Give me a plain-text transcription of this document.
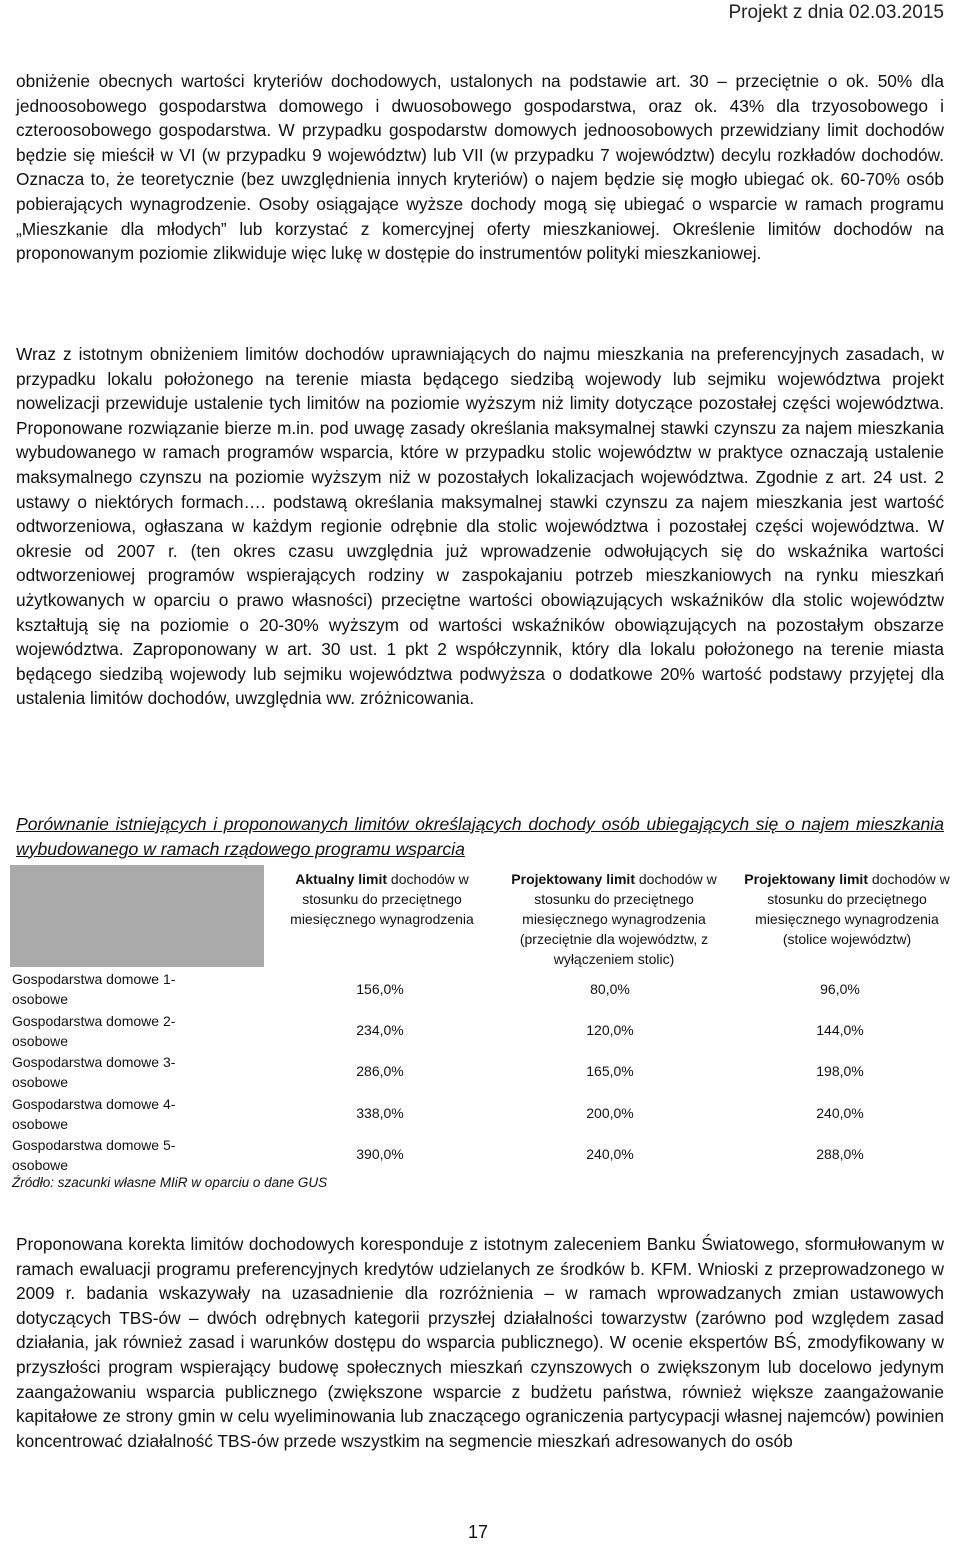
Projekt z dnia 02.03.2015

obniżenie obecnych wartości kryteriów dochodowych, ustalonych na podstawie art. 30 – przeciętnie o ok. 50% dla jednoosobowego gospodarstwa domowego i dwuosobowego gospodarstwa, oraz ok. 43% dla trzyosobowego i czteroosobowego gospodarstwa. W przypadku gospodarstw domowych jednoosobowych przewidziany limit dochodów będzie się mieścił w VI (w przypadku 9 województw) lub VII (w przypadku 7 województw) decylu rozkładów dochodów. Oznacza to, że teoretycznie (bez uwzględnienia innych kryteriów) o najem będzie się mogło ubiegać ok. 60-70% osób pobierających wynagrodzenie. Osoby osiągające wyższe dochody mogą się ubiegać o wsparcie w ramach programu „Mieszkanie dla młodych” lub korzystać z komercyjnej oferty mieszkaniowej. Określenie limitów dochodów na proponowanym poziomie zlikwiduje więc lukę w dostępie do instrumentów polityki mieszkaniowej.

Wraz z istotnym obniżeniem limitów dochodów uprawniających do najmu mieszkania na preferencyjnych zasadach, w przypadku lokalu położonego na terenie miasta będącego siedzibą wojewody lub sejmiku województwa projekt nowelizacji przewiduje ustalenie tych limitów na poziomie wyższym niż limity dotyczące pozostałej części województwa. Proponowane rozwiązanie bierze m.in. pod uwagę zasady określania maksymalnej stawki czynszu za najem mieszkania wybudowanego w ramach programów wsparcia, które w przypadku stolic województw w praktyce oznaczają ustalenie maksymalnego czynszu na poziomie wyższym niż w pozostałych lokalizacjach województwa. Zgodnie z art. 24 ust. 2 ustawy o niektórych formach…. podstawą określania maksymalnej stawki czynszu za najem mieszkania jest wartość odtworzeniowa, ogłaszana w każdym regionie odrębnie dla stolic województwa i pozostałej części województwa. W okresie od 2007 r. (ten okres czasu uwzględnia już wprowadzenie odwołujących się do wskaźnika wartości odtworzeniowej programów wspierających rodziny w zaspokajaniu potrzeb mieszkaniowych na rynku mieszkań użytkowanych w oparciu o prawo własności) przeciętne wartości obowiązujących wskaźników dla stolic województw kształtują się na poziomie o 20-30% wyższym od wartości wskaźników obowiązujących na pozostałym obszarze województwa. Zaproponowany w art. 30 ust. 1 pkt 2 współczynnik, który dla lokalu położonego na terenie miasta będącego siedzibą wojewody lub sejmiku województwa podwyższa o dodatkowe 20% wartość podstawy przyjętej dla ustalenia limitów dochodów, uwzględnia ww. zróżnicowania.

Porównanie istniejących i proponowanych limitów określających dochody osób ubiegających się o najem mieszkania wybudowanego w ramach rządowego programu wsparcia

Aktualny limit dochodów w stosunku do przeciętnego miesięcznego wynagrodzenia
Projektowany limit dochodów w stosunku do przeciętnego miesięcznego wynagrodzenia (przeciętnie dla województw, z wyłączeniem stolic)
Projektowany limit dochodów w stosunku do przeciętnego miesięcznego wynagrodzenia (stolice województw)
Gospodarstwa domowe 1-osobowe
156,0%	80,0%	96,0%
Gospodarstwa domowe 2-osobowe
234,0%	120,0%	144,0%
Gospodarstwa domowe 3-osobowe
286,0%	165,0%	198,0%
Gospodarstwa domowe 4-osobowe
338,0%	200,0%	240,0%
Gospodarstwa domowe 5-osobowe
390,0%	240,0%	288,0%
Źródło: szacunki własne MIiR w oparciu o dane GUS

Proponowana korekta limitów dochodowych koresponduje z istotnym zaleceniem Banku Światowego, sformułowanym w ramach ewaluacji programu preferencyjnych kredytów udzielanych ze środków b. KFM. Wnioski z przeprowadzonego w 2009 r. badania wskazywały na uzasadnienie dla rozróżnienia – w ramach wprowadzanych zmian ustawowych dotyczących TBS-ów – dwóch odrębnych kategorii przyszłej działalności towarzystw (zarówno pod względem zasad działania, jak również zasad i warunków dostępu do wsparcia publicznego). W ocenie ekspertów BŚ, zmodyfikowany w przyszłości program wspierający budowę społecznych mieszkań czynszowych o zwiększonym lub docelowo jedynym zaangażowaniu wsparcia publicznego (zwiększone wsparcie z budżetu państwa, również większe zaangażowanie kapitałowe ze strony gmin w celu wyeliminowania lub znaczącego ograniczenia partycypacji własnej najemców) powinien koncentrować działalność TBS-ów przede wszystkim na segmencie mieszkań adresowanych do osób

17
